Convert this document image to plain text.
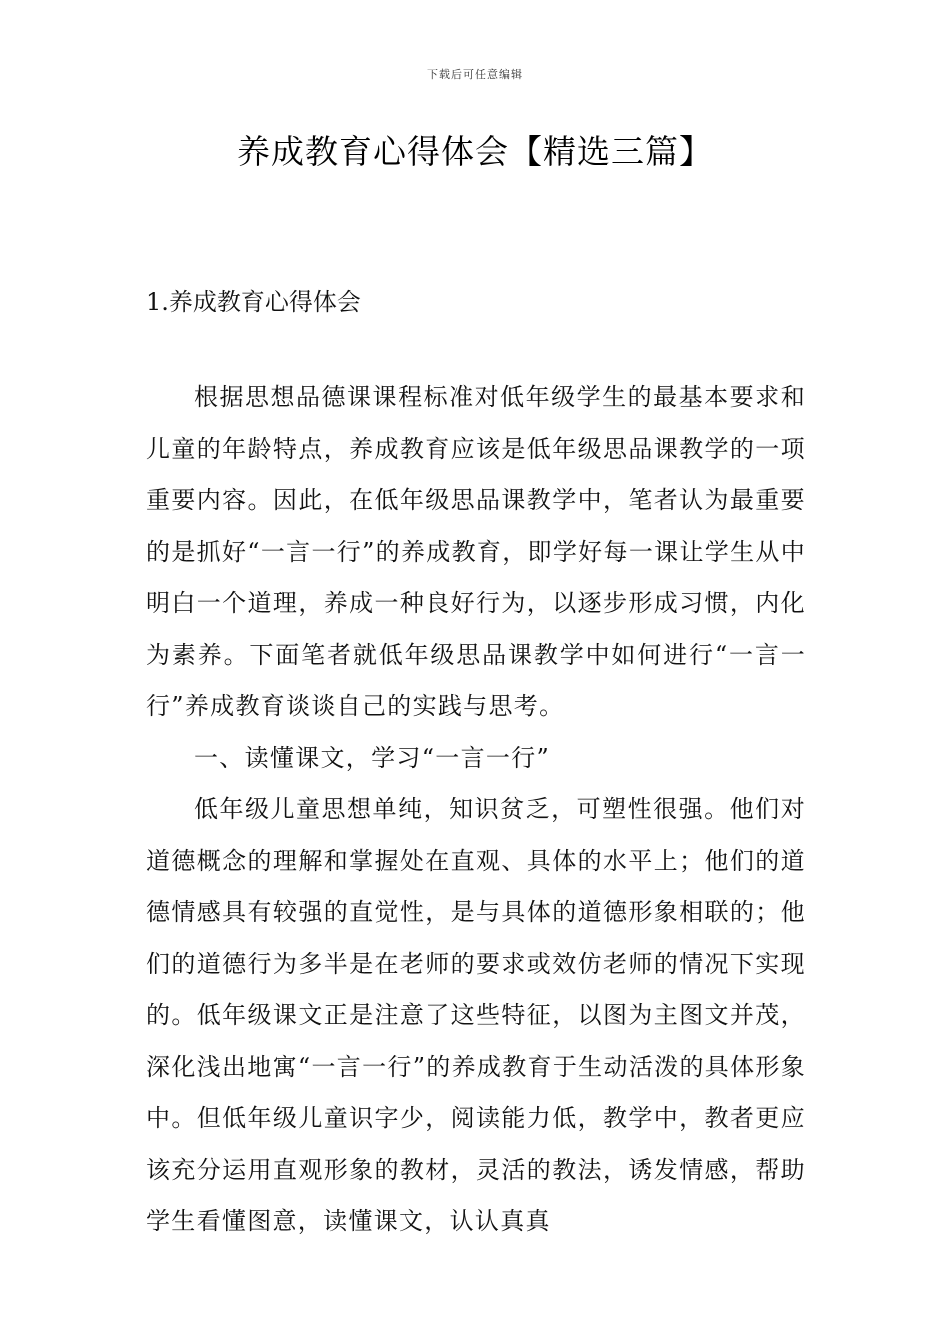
下载后可任意编辑
养成教育心得体会【精选三篇】
1.养成教育心得体会

根据思想品德课课程标准对低年级学生的最基本要求和儿童的年龄特点，养成教育应该是低年级思品课教学的一项重要内容。因此，在低年级思品课教学中，笔者认为最重要的是抓好“一言一行”的养成教育，即学好每一课让学生从中明白一个道理，养成一种良好行为，以逐步形成习惯，内化为素养。下面笔者就低年级思品课教学中如何进行“一言一行”养成教育谈谈自己的实践与思考。

一、读懂课文，学习“一言一行”

低年级儿童思想单纯，知识贫乏，可塑性很强。他们对道德概念的理解和掌握处在直观、具体的水平上；他们的道德情感具有较强的直觉性，是与具体的道德形象相联的；他们的道德行为多半是在老师的要求或效仿老师的情况下实现的。低年级课文正是注意了这些特征，以图为主图文并茂，深化浅出地寓“一言一行”的养成教育于生动活泼的具体形象中。但低年级儿童识字少，阅读能力低，教学中，教者更应该充分运用直观形象的教材，灵活的教法，诱发情感，帮助学生看懂图意，读懂课文，认认真真
